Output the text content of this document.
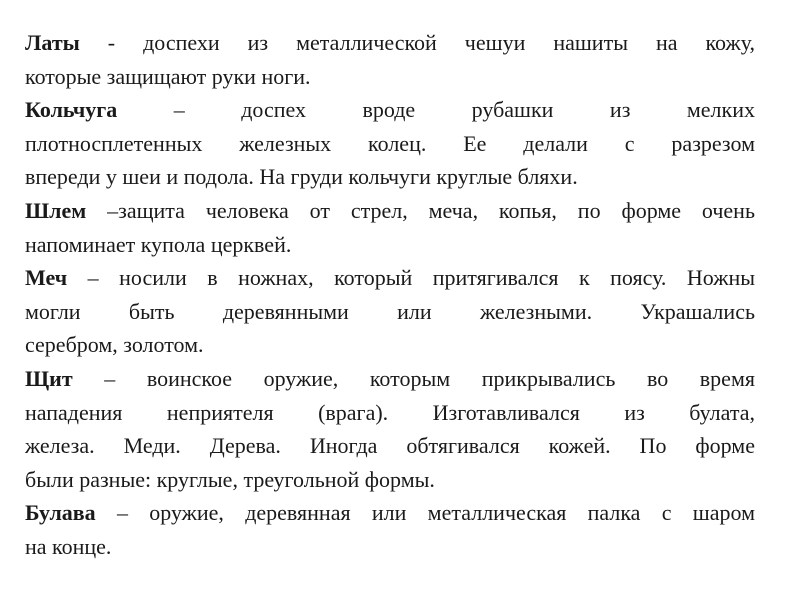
Латы - доспехи из металлической чешуи нашиты на кожу,
которые защищают руки ноги.
Кольчуга – доспех вроде рубашки из мелких
плотносплетенных железных колец. Ее делали с разрезом
впереди у шеи и подола. На груди кольчуги круглые бляхи.
Шлем –защита человека от стрел, меча, копья, по форме очень
напоминает купола церквей.
Меч – носили в ножнах, который притягивался к поясу. Ножны
могли быть деревянными или железными. Украшались
серебром, золотом.
Щит – воинское оружие, которым прикрывались во время
нападения неприятеля (врага). Изготавливался из булата,
железа. Меди. Дерева. Иногда обтягивался кожей. По форме
были разные: круглые, треугольной формы.
Булава – оружие, деревянная или металлическая палка с шаром
на конце.
